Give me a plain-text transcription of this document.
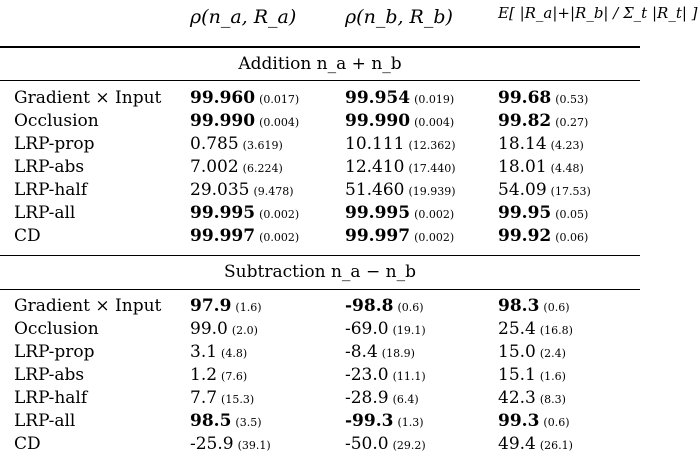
ρ(n_a, R_a)	ρ(n_b, R_b)	E[ |R_a|+|R_b| / Σ_t |R_t| ]
Addition n_a + n_b
Gradient × Input 99.960 (0.017)	99.954 (0.019)	99.68 (0.53)
Occlusion	99.990 (0.004)	99.990 (0.004)	99.82 (0.27)
LRP-prop	0.785 (3.619)	10.111 (12.362) 18.14 (4.23)
LRP-abs	7.002 (6.224)	12.410 (17.440) 18.01 (4.48)
LRP-half	29.035 (9.478)	51.460 (19.939) 54.09 (17.53)
LRP-all	99.995 (0.002)	99.995 (0.002)	99.95 (0.05)
CD	99.997 (0.002)	99.997 (0.002)	99.92 (0.06)
Subtraction n_a − n_b
Gradient × Input 97.9 (1.6)	-98.8 (0.6)	98.3 (0.6)
Occlusion	99.0 (2.0)	-69.0 (19.1)	25.4 (16.8)
LRP-prop	3.1 (4.8)	-8.4 (18.9)	15.0 (2.4)
LRP-abs	1.2 (7.6)	-23.0 (11.1)	15.1 (1.6)
LRP-half	7.7 (15.3)	-28.9 (6.4)	42.3 (8.3)
LRP-all	98.5 (3.5)	-99.3 (1.3)	99.3 (0.6)
CD	-25.9 (39.1)	-50.0 (29.2)	49.4 (26.1)
